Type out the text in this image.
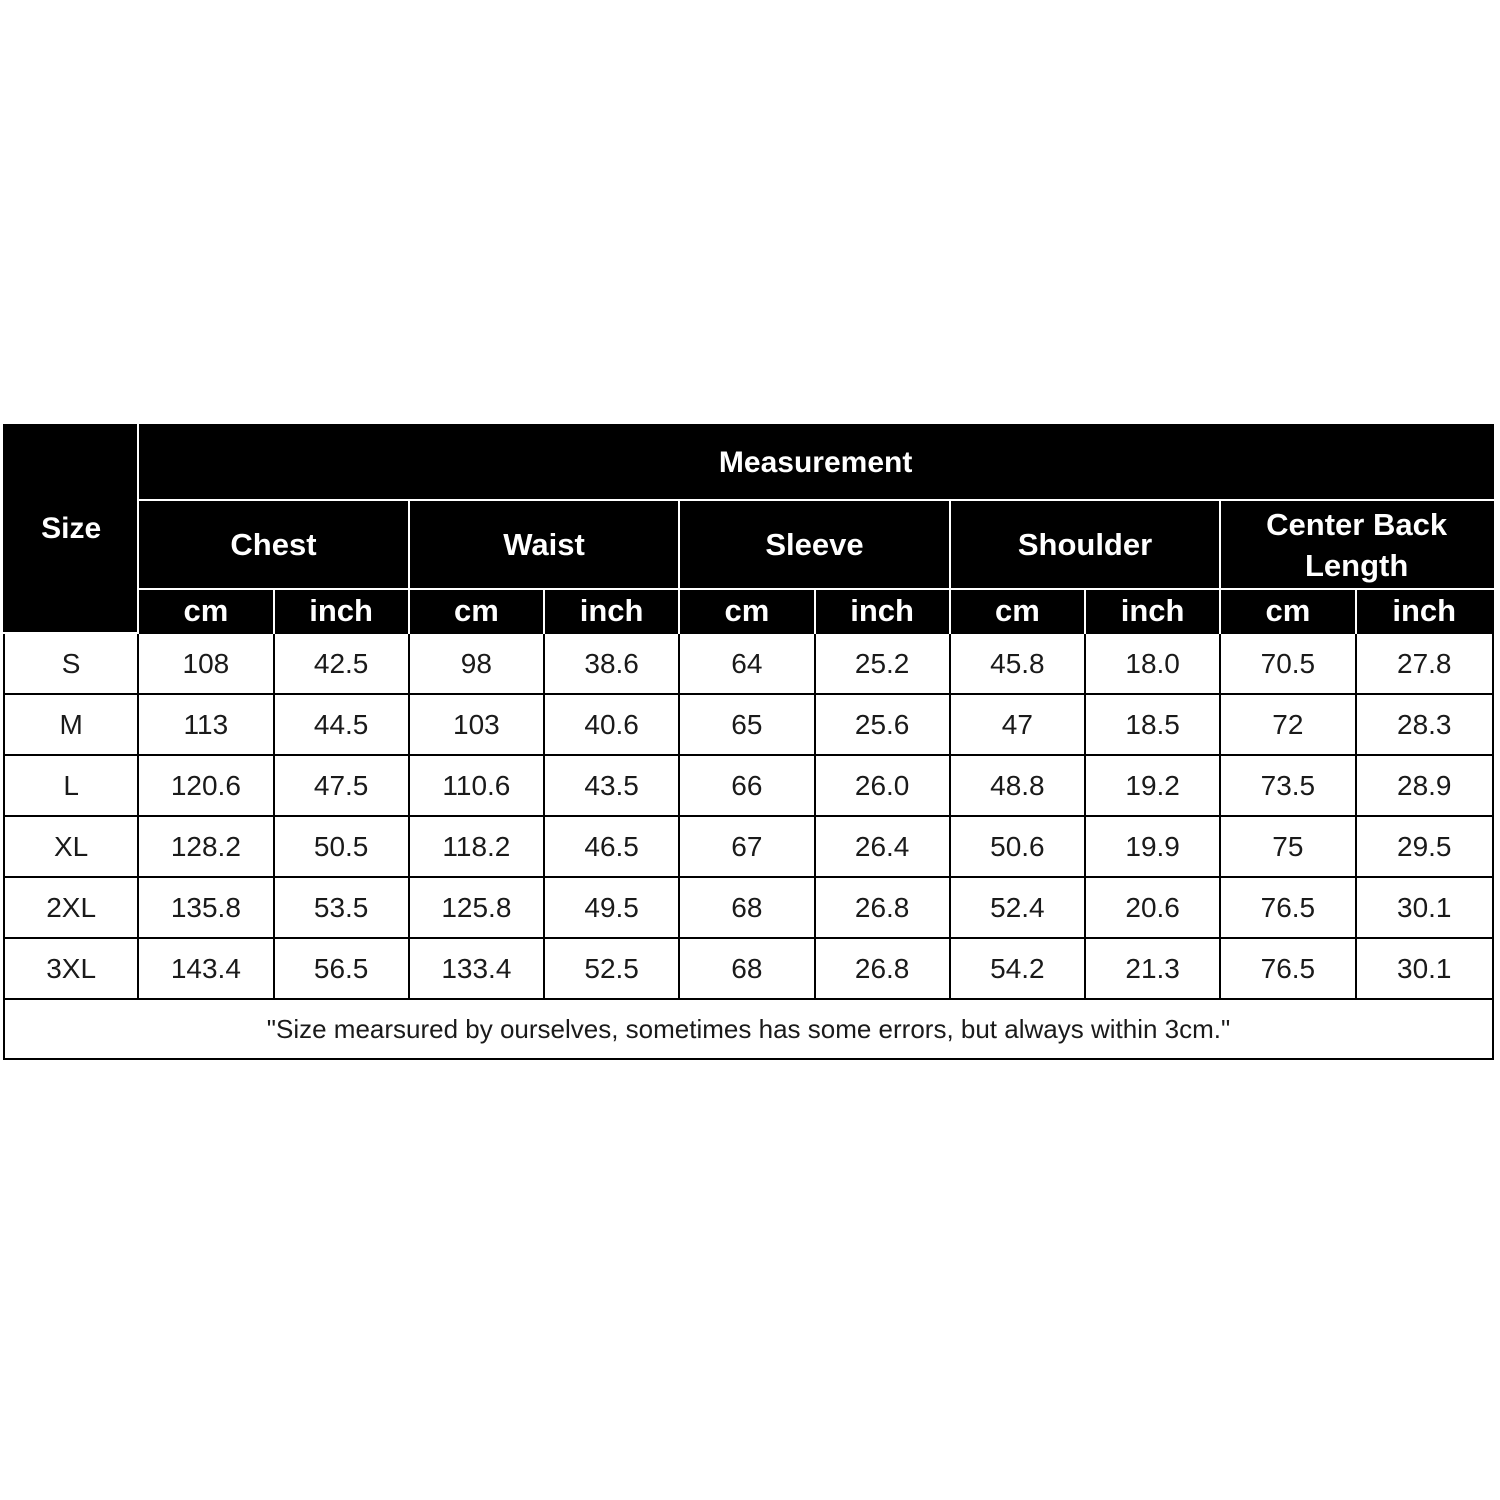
Size	Measurement									
	Chest		Waist		Sleeve		Shoulder		Center Back Length	
	cm	inch	cm	inch	cm	inch	cm	inch	cm	inch
S	108	42.5	98	38.6	64	25.2	45.8	18.0	70.5	27.8
M	113	44.5	103	40.6	65	25.6	47	18.5	72	28.3
L	120.6	47.5	110.6	43.5	66	26.0	48.8	19.2	73.5	28.9
XL	128.2	50.5	118.2	46.5	67	26.4	50.6	19.9	75	29.5
2XL	135.8	53.5	125.8	49.5	68	26.8	52.4	20.6	76.5	30.1
3XL	143.4	56.5	133.4	52.5	68	26.8	54.2	21.3	76.5	30.1
"Size mearsured by ourselves, sometimes has some errors, but always within 3cm."										
